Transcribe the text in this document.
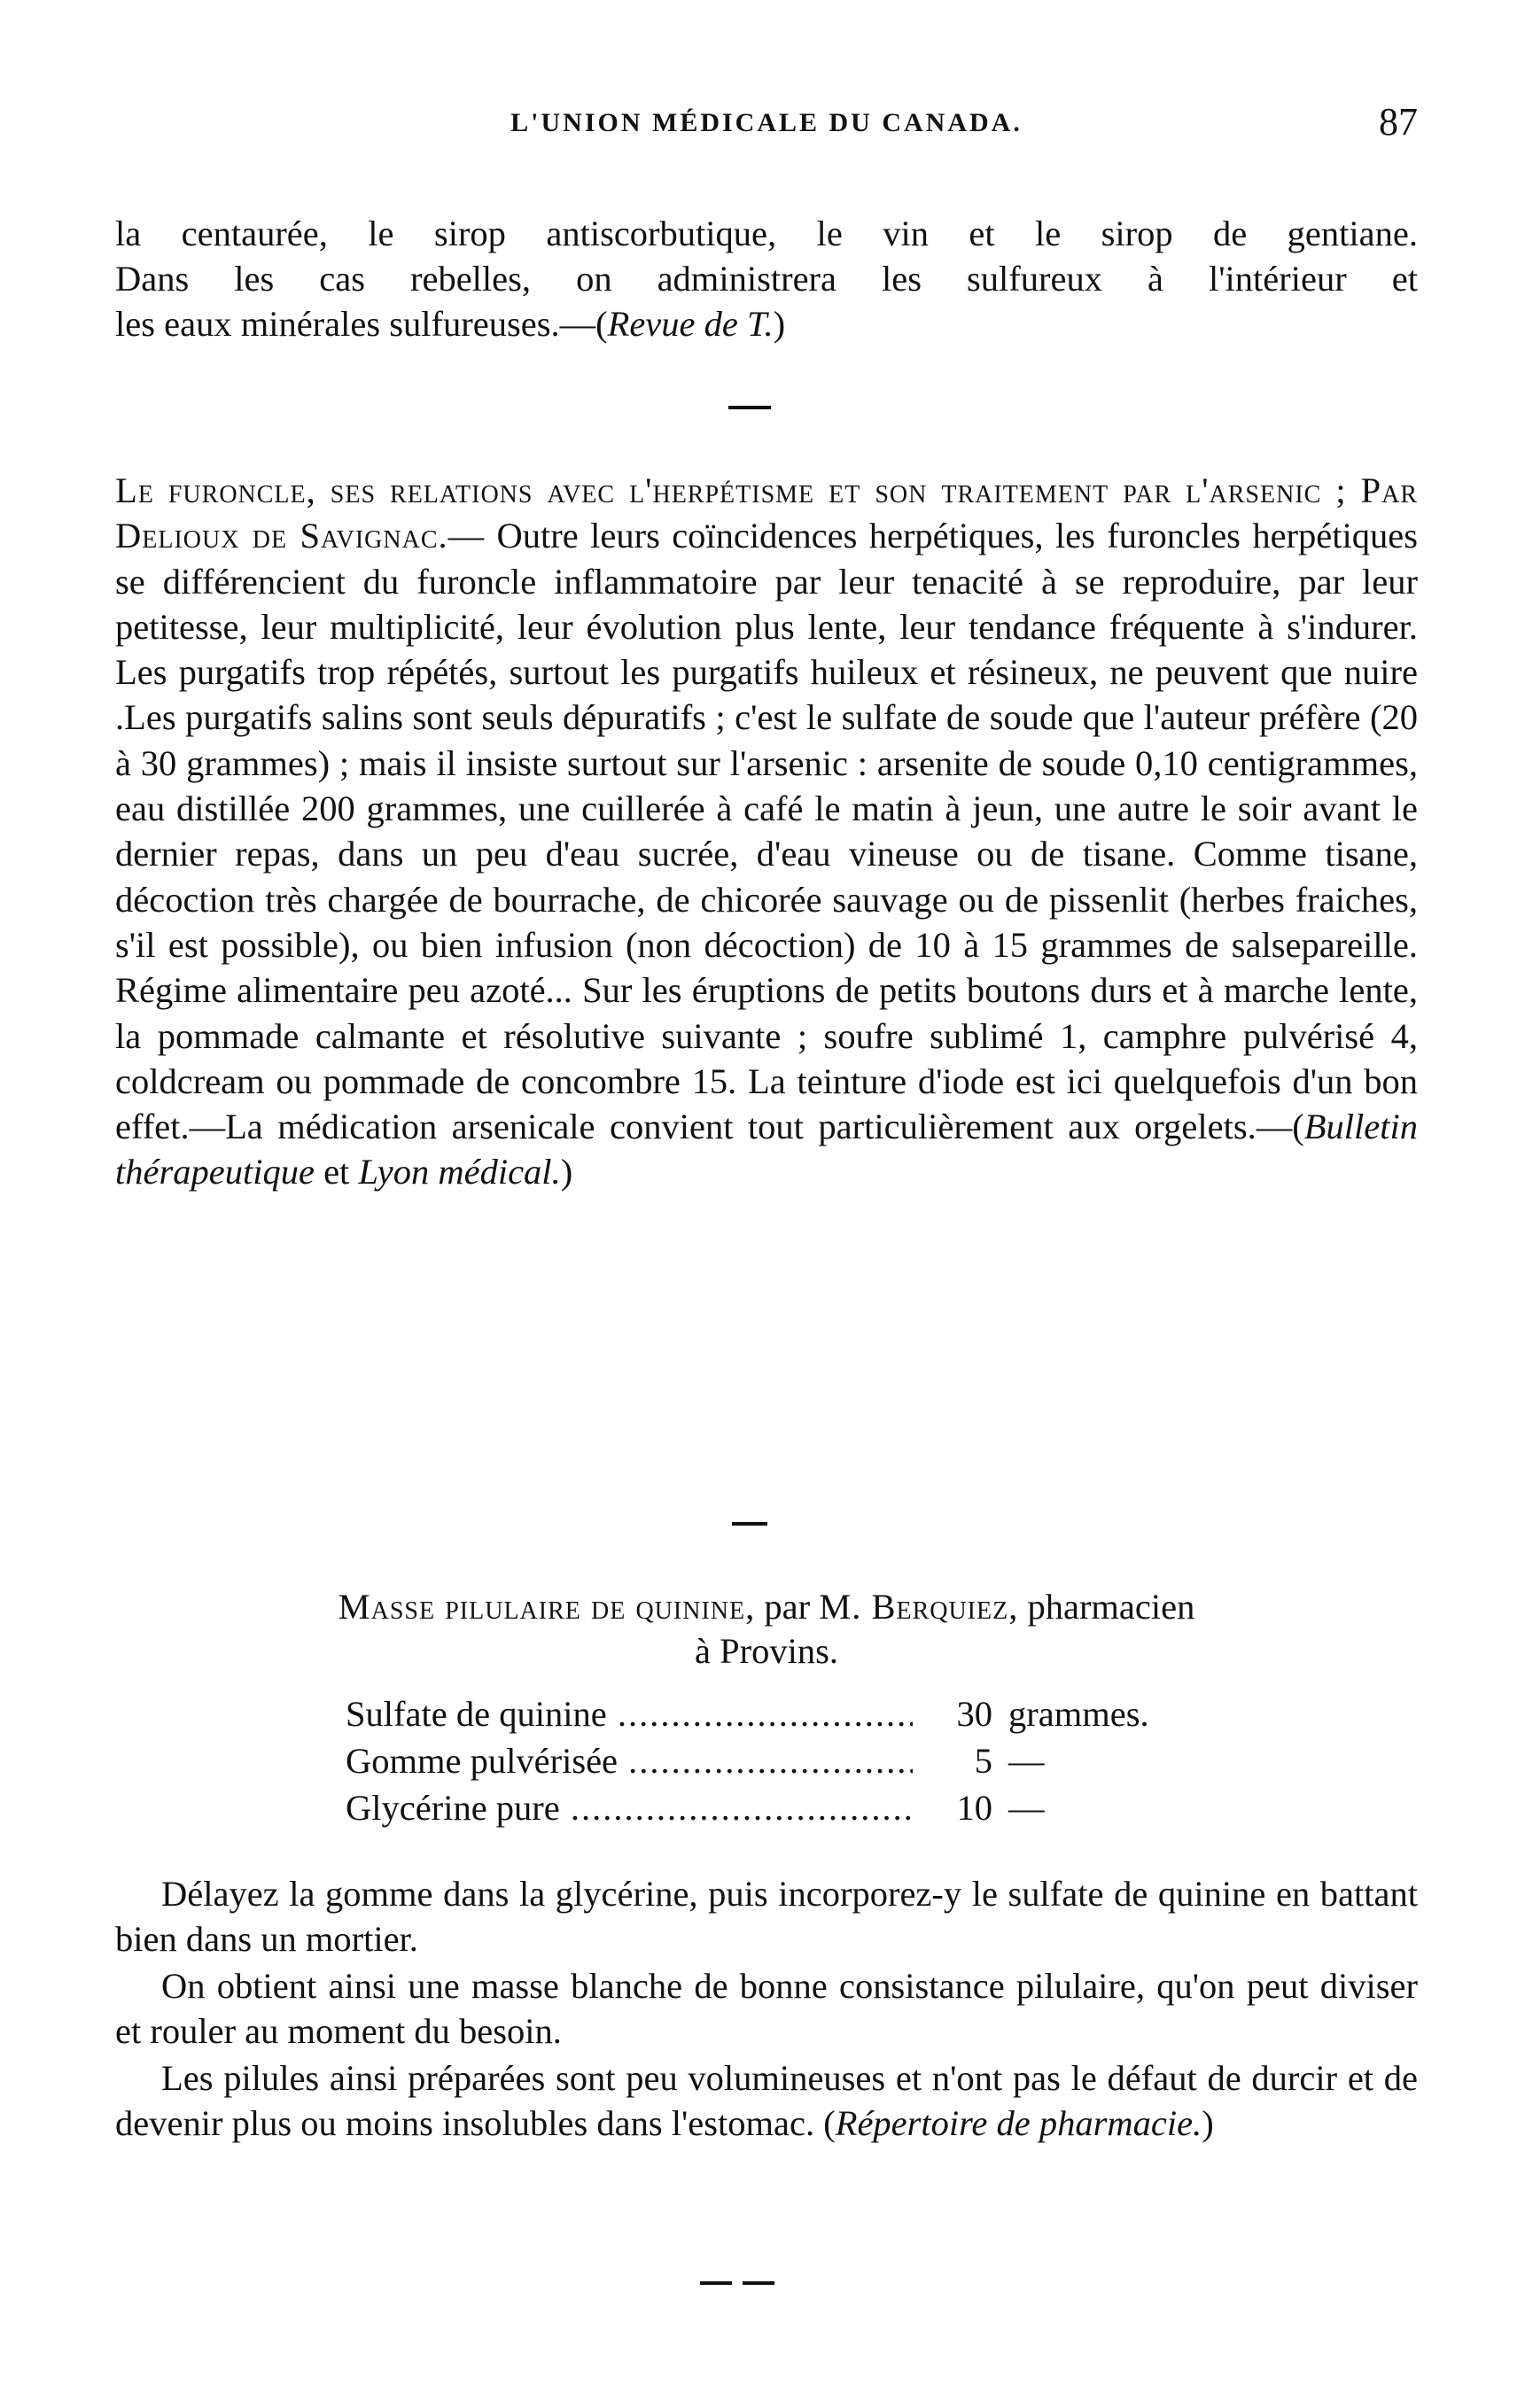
L'UNION MÉDICALE DU CANADA.	87

la centaurée, le sirop antiscorbutique, le vin et le sirop de gentiane.

Dans les cas rebelles, on administrera les sulfureux à l'intérieur et

les eaux minérales sulfureuses.—(Revue de T.)

Le furoncle, ses relations avec l'herpétisme et son traitement par l'arsenic ; Par Delioux de Savignac.— Outre leurs coïncidences herpétiques, les furoncles herpétiques se différencient du furoncle inflammatoire par leur tenacité à se reproduire, par leur petitesse, leur multiplicité, leur évolution plus lente, leur tendance fréquente à s'indurer. Les purgatifs trop répétés, surtout les purgatifs huileux et résineux, ne peuvent que nuire .Les purgatifs salins sont seuls dépuratifs ; c'est le sulfate de soude que l'auteur préfère (20 à 30 grammes) ; mais il insiste surtout sur l'arsenic : arsenite de soude 0,10 centigrammes, eau distillée 200 grammes, une cuillerée à café le matin à jeun, une autre le soir avant le dernier repas, dans un peu d'eau sucrée, d'eau vineuse ou de tisane. Comme tisane, décoction très chargée de bourrache, de chicorée sauvage ou de pissenlit (herbes fraiches, s'il est possible), ou bien infusion (non décoction) de 10 à 15 grammes de salsepareille. Régime alimentaire peu azoté... Sur les éruptions de petits boutons durs et à marche lente, la pommade calmante et résolutive suivante ; soufre sublimé 1, camphre pulvérisé 4, coldcream ou pommade de concombre 15. La teinture d'iode est ici quelquefois d'un bon effet.—La médication arsenicale convient tout particulièrement aux orgelets.—(Bulletin thérapeutique et Lyon médical.)

Masse pilulaire de quinine, par M. Berquiez, pharmacien

à Provins.

Sulfate de quinine .....	30 grammes.
Gomme pulvérisée .....	5 —
Glycérine pure .....	10 —

Délayez la gomme dans la glycérine, puis incorporez-y le sulfate de quinine en battant bien dans un mortier.

On obtient ainsi une masse blanche de bonne consistance pilulaire, qu'on peut diviser et rouler au moment du besoin.

Les pilules ainsi préparées sont peu volumineuses et n'ont pas le défaut de durcir et de devenir plus ou moins insolubles dans l'estomac. (Répertoire de pharmacie.)
